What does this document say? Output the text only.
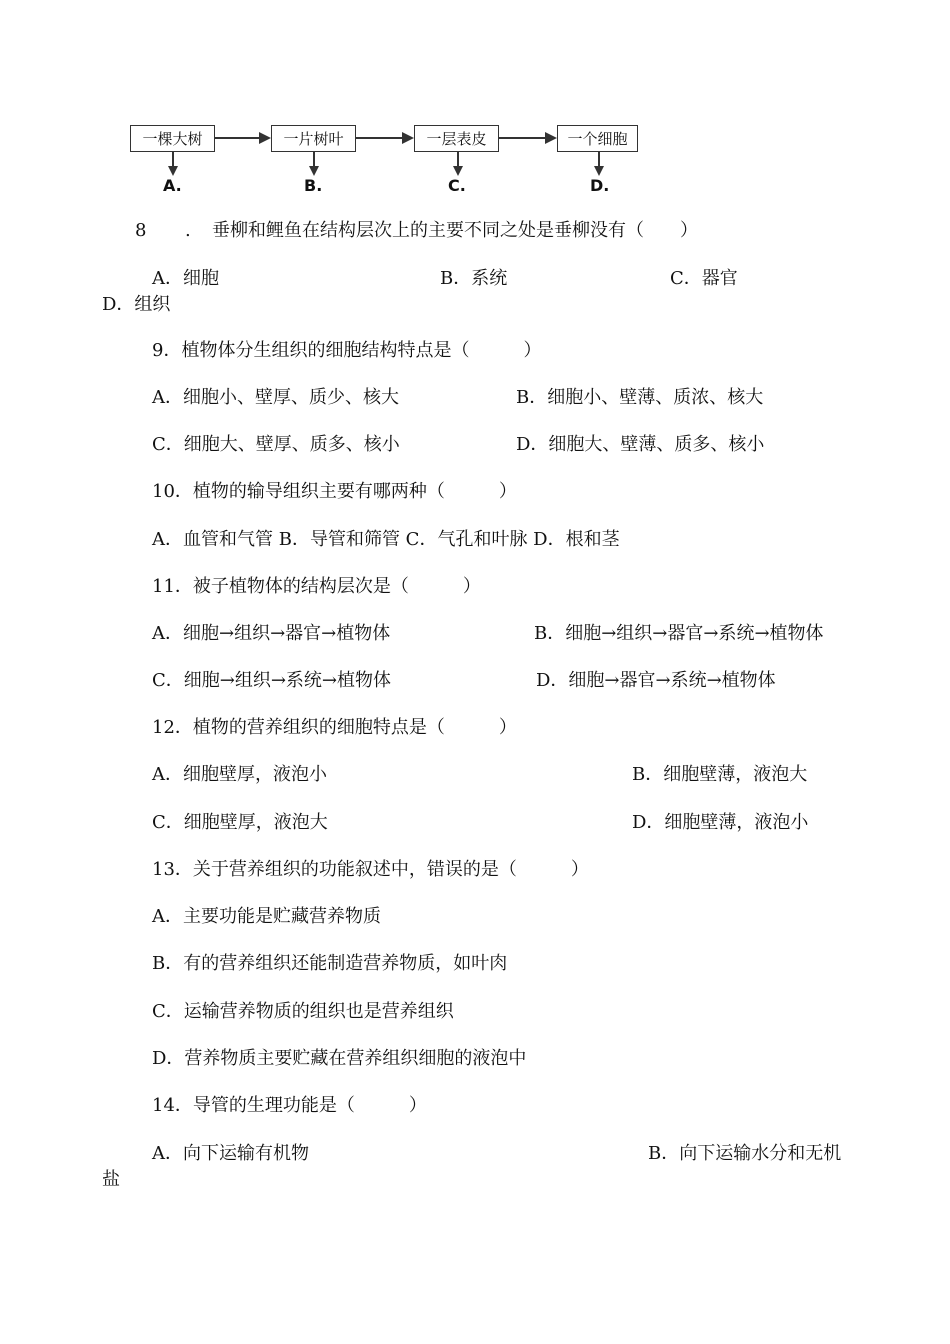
一棵大树	一片树叶	一层表皮	一个细胞
A.	B.	C.	D.
8 . 垂柳和鲤鱼在结构层次上的主要不同之处是垂柳没有（　　）
A．细胞	B．系统	C．器官
D．组织
9．植物体分生组织的细胞结构特点是（　　　）
A．细胞小、壁厚、质少、核大	B．细胞小、壁薄、质浓、核大
C．细胞大、壁厚、质多、核小	D．细胞大、壁薄、质多、核小
10．植物的输导组织主要有哪两种（　　　）
A．血管和气管 B．导管和筛管 C．气孔和叶脉 D．根和茎
11．被子植物体的结构层次是（　　　）
A．细胞→组织→器官→植物体	B．细胞→组织→器官→系统→植物体
C．细胞→组织→系统→植物体	D．细胞→器官→系统→植物体
12．植物的营养组织的细胞特点是（　　　）
A．细胞壁厚，液泡小	B．细胞壁薄，液泡大
C．细胞壁厚，液泡大	D．细胞壁薄，液泡小
13．关于营养组织的功能叙述中，错误的是（　　　）
A．主要功能是贮藏营养物质
B．有的营养组织还能制造营养物质，如叶肉
C．运输营养物质的组织也是营养组织
D．营养物质主要贮藏在营养组织细胞的液泡中
14．导管的生理功能是（　　　）
A．向下运输有机物	B．向下运输水分和无机
盐
